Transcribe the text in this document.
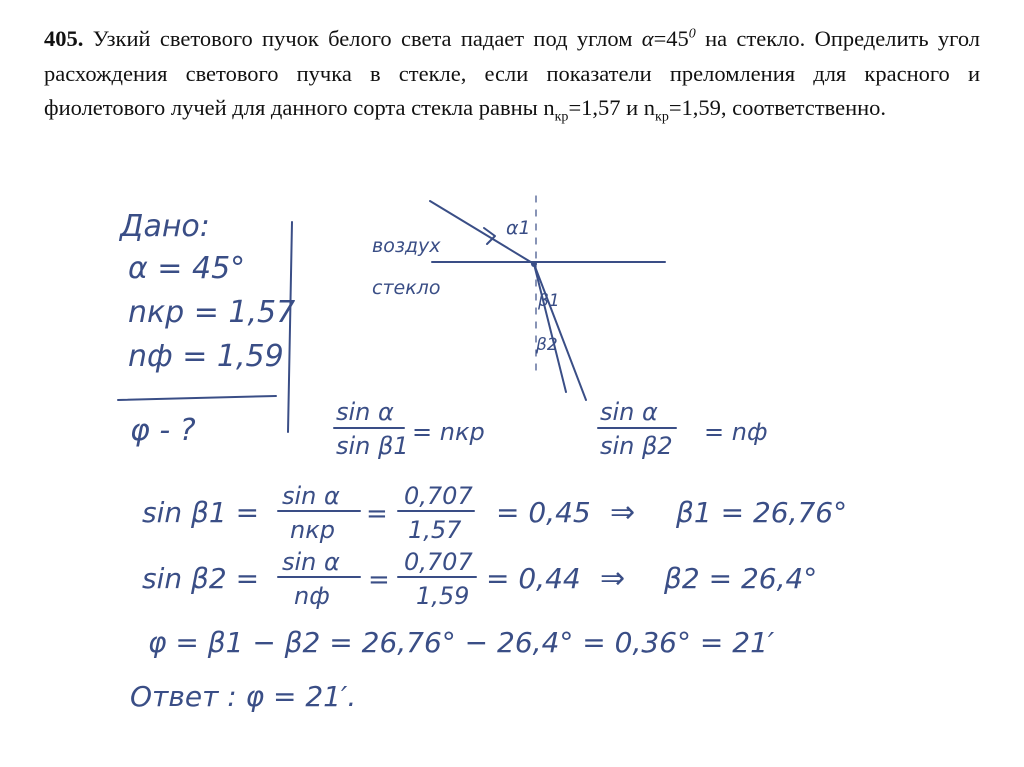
405. Узкий светового пучок белого света падает под углом $\alpha=45^0$ на стекло. Определить угол расхождения светового пучка в стекле, если показатели преломления для красного и фиолетового лучей для данного сорта стекла равны $n_{кр}=1,57$ и $n_{кр}=1,59$, соответственно.
Дано:
α = 45°
nкр = 1,57
nф = 1,59
φ - ?
воздух
стекло
α1
β1
β2
sin α
sin β1 = nкр
sin α
sin β2 = nф
sin β1 = sin α
nкр
=
0,707
1,57
= 0,45 ⇒ β1 = 26,76°
sin β2 = sin α
nф
=
0,707
1,59
= 0,44 ⇒ β2 = 26,4°
φ = β1 − β2 = 26,76° − 26,4° = 0,36° = 21′
Ответ : φ = 21′.
